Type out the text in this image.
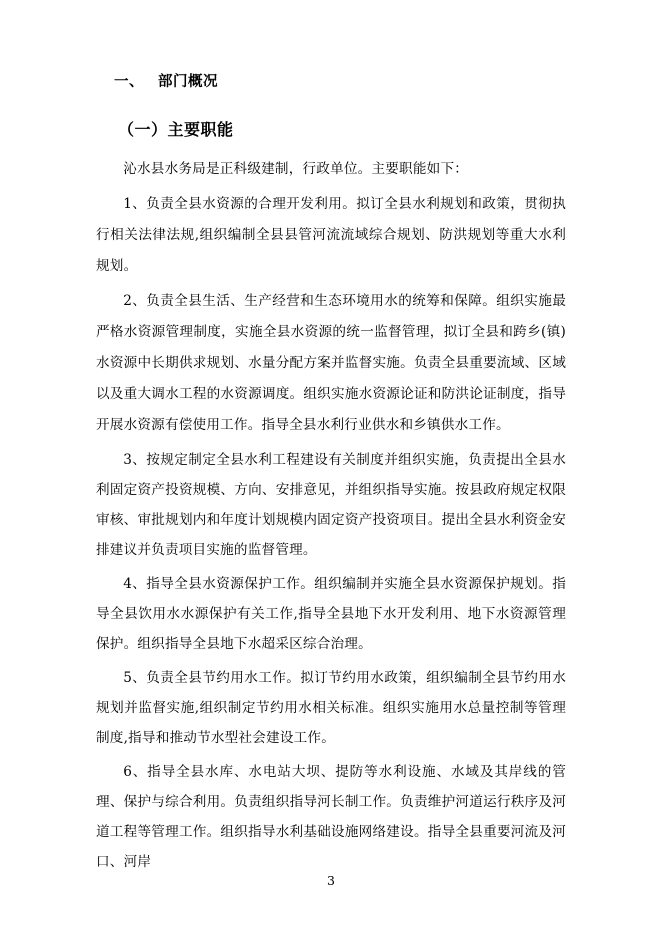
一、 部门概况
（一）主要职能

沁水县水务局是正科级建制，行政单位。主要职能如下：

1、负责全县水资源的合理开发利用。拟订全县水利规划和政策，贯彻执行相关法律法规,组织编制全县县管河流流域综合规划、防洪规划等重大水利规划。

2、负责全县生活、生产经营和生态环境用水的统筹和保障。组织实施最严格水资源管理制度，实施全县水资源的统一监督管理，拟订全县和跨乡(镇)水资源中长期供求规划、水量分配方案并监督实施。负责全县重要流域、区域以及重大调水工程的水资源调度。组织实施水资源论证和防洪论证制度，指导开展水资源有偿使用工作。指导全县水利行业供水和乡镇供水工作。

3、按规定制定全县水利工程建设有关制度并组织实施，负责提出全县水利固定资产投资规模、方向、安排意见，并组织指导实施。按县政府规定权限审核、审批规划内和年度计划规模内固定资产投资项目。提出全县水利资金安排建议并负责项目实施的监督管理。

4、指导全县水资源保护工作。组织编制并实施全县水资源保护规划。指导全县饮用水水源保护有关工作,指导全县地下水开发利用、地下水资源管理保护。组织指导全县地下水超采区综合治理。

5、负责全县节约用水工作。拟订节约用水政策，组织编制全县节约用水规划并监督实施,组织制定节约用水相关标准。组织实施用水总量控制等管理制度,指导和推动节水型社会建设工作。

6、指导全县水库、水电站大坝、提防等水利设施、水域及其岸线的管理、保护与综合利用。负责组织指导河长制工作。负责维护河道运行秩序及河道工程等管理工作。组织指导水利基础设施网络建设。指导全县重要河流及河口、河岸

3
